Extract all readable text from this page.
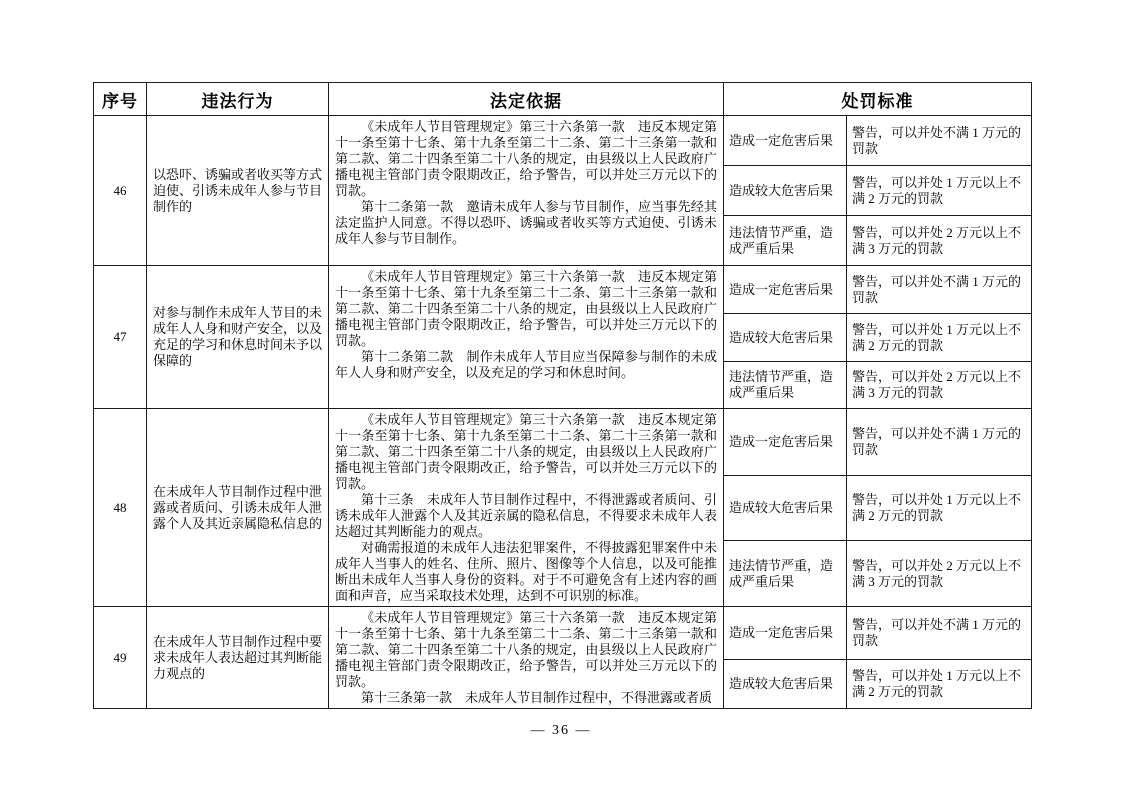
序号	违法行为	法定依据	处罚标准	
46	以恐吓、诱骗或者收买等方式迫使、引诱未成年人参与节目制作的	《未成年人节目管理规定》第三十六条第一款　违反本规定第十一条至第十七条、第十九条至第二十二条、第二十三条第一款和第二款、第二十四条至第二十八条的规定，由县级以上人民政府广播电视主管部门责令限期改正，给予警告，可以并处三万元以下的罚款。

第十二条第一款　邀请未成年人参与节目制作，应当事先经其法定监护人同意。不得以恐吓、诱骗或者收买等方式迫使、引诱未成年人参与节目制作。	造成一定危害后果	警告，可以并处不满 1 万元的罚款
			造成较大危害后果	警告，可以并处 1 万元以上不满 2 万元的罚款
			违法情节严重，造成严重后果	警告，可以并处 2 万元以上不满 3 万元的罚款
47	对参与制作未成年人节目的未成年人人身和财产安全，以及充足的学习和休息时间未予以保障的	《未成年人节目管理规定》第三十六条第一款　违反本规定第十一条至第十七条、第十九条至第二十二条、第二十三条第一款和第二款、第二十四条至第二十八条的规定，由县级以上人民政府广播电视主管部门责令限期改正，给予警告，可以并处三万元以下的罚款。

第十二条第二款　制作未成年人节目应当保障参与制作的未成年人人身和财产安全，以及充足的学习和休息时间。	造成一定危害后果	警告，可以并处不满 1 万元的罚款
			造成较大危害后果	警告，可以并处 1 万元以上不满 2 万元的罚款
			违法情节严重，造成严重后果	警告，可以并处 2 万元以上不满 3 万元的罚款
48	在未成年人节目制作过程中泄露或者质问、引诱未成年人泄露个人及其近亲属隐私信息的	《未成年人节目管理规定》第三十六条第一款　违反本规定第十一条至第十七条、第十九条至第二十二条、第二十三条第一款和第二款、第二十四条至第二十八条的规定，由县级以上人民政府广播电视主管部门责令限期改正，给予警告，可以并处三万元以下的罚款。

第十三条　未成年人节目制作过程中，不得泄露或者质问、引诱未成年人泄露个人及其近亲属的隐私信息，不得要求未成年人表达超过其判断能力的观点。

对确需报道的未成年人违法犯罪案件，不得披露犯罪案件中未成年人当事人的姓名、住所、照片、图像等个人信息，以及可能推断出未成年人当事人身份的资料。对于不可避免含有上述内容的画面和声音，应当采取技术处理，达到不可识别的标准。	造成一定危害后果	警告，可以并处不满 1 万元的罚款
			造成较大危害后果	警告，可以并处 1 万元以上不满 2 万元的罚款
			违法情节严重，造成严重后果	警告，可以并处 2 万元以上不满 3 万元的罚款
49	在未成年人节目制作过程中要求未成年人表达超过其判断能力观点的	《未成年人节目管理规定》第三十六条第一款　违反本规定第十一条至第十七条、第十九条至第二十二条、第二十三条第一款和第二款、第二十四条至第二十八条的规定，由县级以上人民政府广播电视主管部门责令限期改正，给予警告，可以并处三万元以下的罚款。

第十三条第一款　未成年人节目制作过程中，不得泄露或者质	造成一定危害后果	警告，可以并处不满 1 万元的罚款
			造成较大危害后果	警告，可以并处 1 万元以上不满 2 万元的罚款
— 36 —
